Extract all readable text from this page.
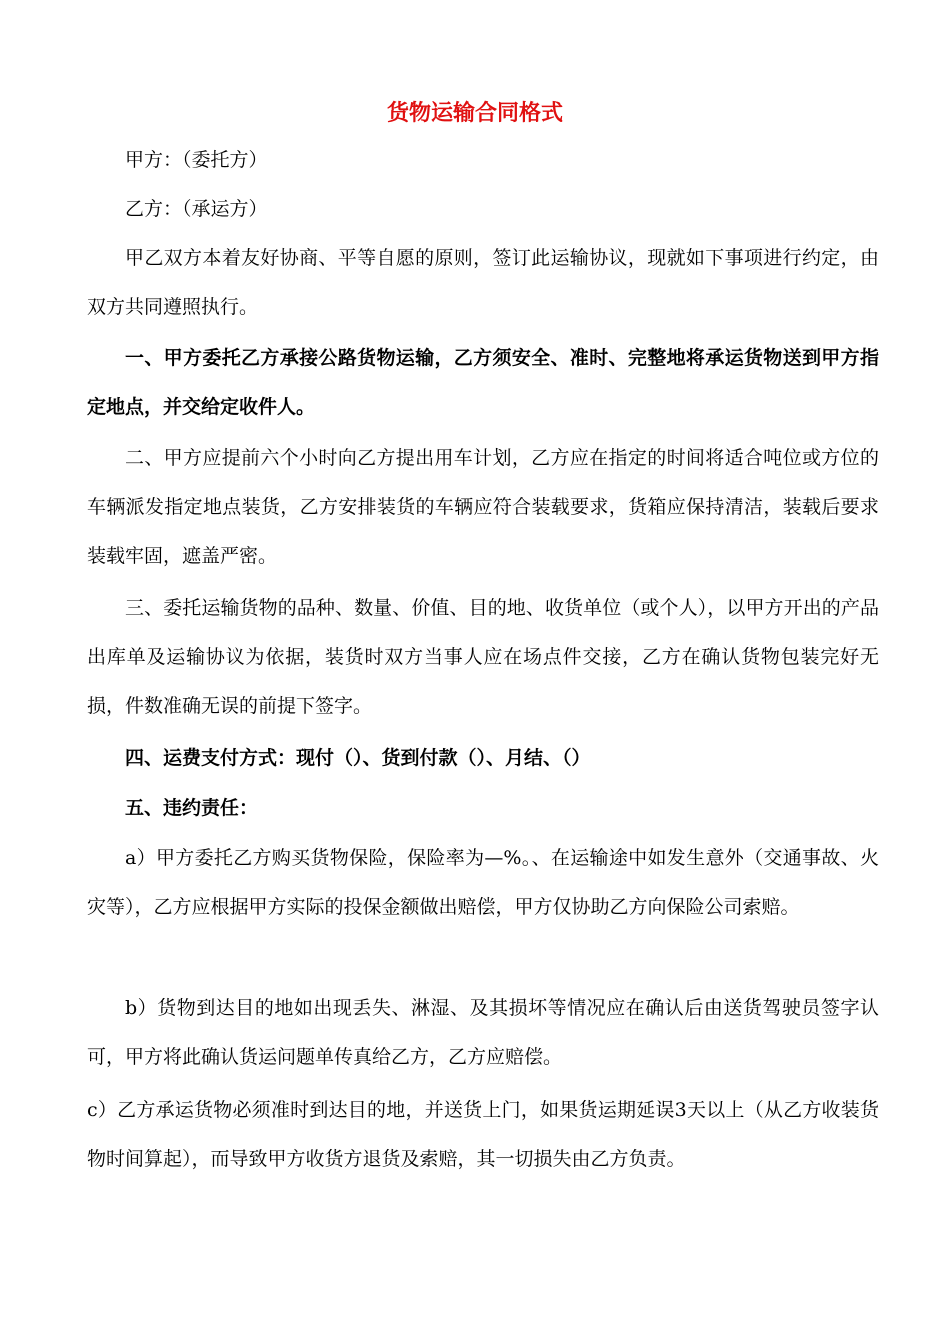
货物运输合同格式

甲方：（委托方）

乙方：（承运方）

甲乙双方本着友好协商、平等自愿的原则，签订此运输协议，现就如下事项进行约定，由双方共同遵照执行。

一、甲方委托乙方承接公路货物运输，乙方须安全、准时、完整地将承运货物送到甲方指定地点，并交给定收件人。

二、甲方应提前六个小时向乙方提出用车计划，乙方应在指定的时间将适合吨位或方位的车辆派发指定地点装货，乙方安排装货的车辆应符合装载要求，货箱应保持清洁，装载后要求装载牢固，遮盖严密。

三、委托运输货物的品种、数量、价值、目的地、收货单位（或个人），以甲方开出的产品出库单及运输协议为依据，装货时双方当事人应在场点件交接，乙方在确认货物包装完好无损，件数准确无误的前提下签字。

四、运费支付方式：现付（）、货到付款（）、月结、（）

五、违约责任：

a）甲方委托乙方购买货物保险，保险率为—%。、在运输途中如发生意外（交通事故、火灾等），乙方应根据甲方实际的投保金额做出赔偿，甲方仅协助乙方向保险公司索赔。

b）货物到达目的地如出现丢失、淋湿、及其损坏等情况应在确认后由送货驾驶员签字认可，甲方将此确认货运问题单传真给乙方，乙方应赔偿。

c）乙方承运货物必须准时到达目的地，并送货上门，如果货运期延误3天以上（从乙方收装货物时间算起），而导致甲方收货方退货及索赔，其一切损失由乙方负责。
